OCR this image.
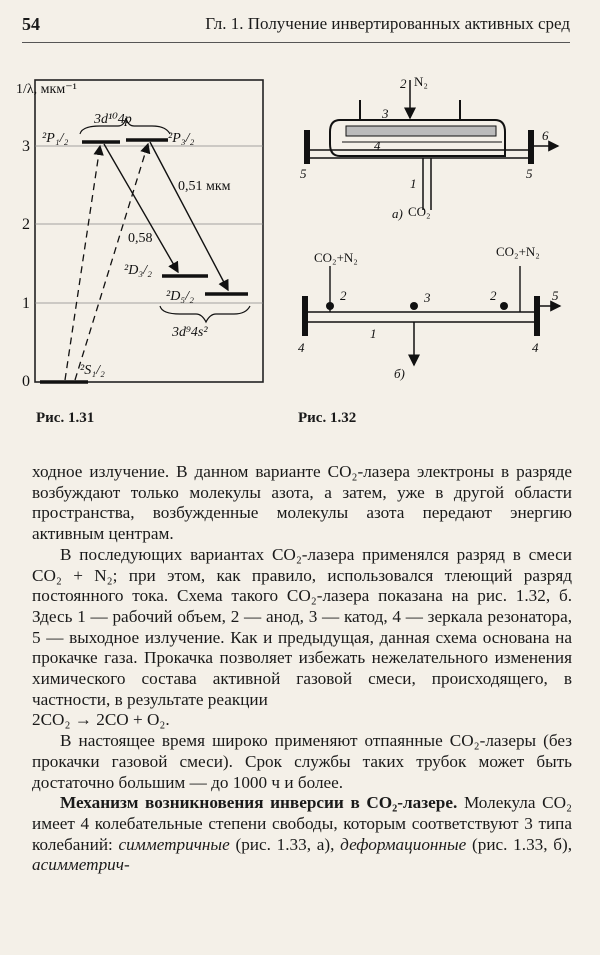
54	Гл. 1. Получение инвертированных активных сред
1/λ, мкм⁻¹
0
1
2
3
3d¹⁰4p
²P₁/₂	²P₃/₂
0,51 мкм
0,58
²D₃/₂
²D₅/₂
3d⁹4s²
²S₁/₂
Рис. 1.31
N₂
CO₂
1
2
3
4
5	5
6
а)
CO₂+N₂	CO₂+N₂
1
2	3	2
4	4
5
б)
Рис. 1.32

ходное излучение. В данном варианте CO₂-лазера электроны в разряде возбуждают только молекулы азота, а затем, уже в другой области пространства, возбужденные молекулы азота передают энергию активным центрам.

В последующих вариантах CO₂-лазера применялся разряд в смеси CO₂ + N₂; при этом, как правило, использовался тлеющий разряд постоянного тока. Схема такого CO₂-лазера показана на рис. 1.32, б. Здесь 1 — рабочий объем, 2 — анод, 3 — катод, 4 — зеркала резонатора, 5 — выходное излучение. Как и предыдущая, данная схема основана на прокачке газа. Прокачка позволяет избежать нежелательного изменения химического состава активной газовой смеси, происходящего, в частности, в результате реакции
2CO₂ → 2CO + O₂.

В настоящее время широко применяют отпаянные CO₂-лазеры (без прокачки газовой смеси). Срок службы таких трубок может быть достаточно большим — до 1000 ч и более.

Механизм возникновения инверсии в CO₂-лазере. Молекула CO₂ имеет 4 колебательные степени свободы, которым соответствуют 3 типа колебаний: симметричные (рис. 1.33, а), деформационные (рис. 1.33, б), асимметрич-
